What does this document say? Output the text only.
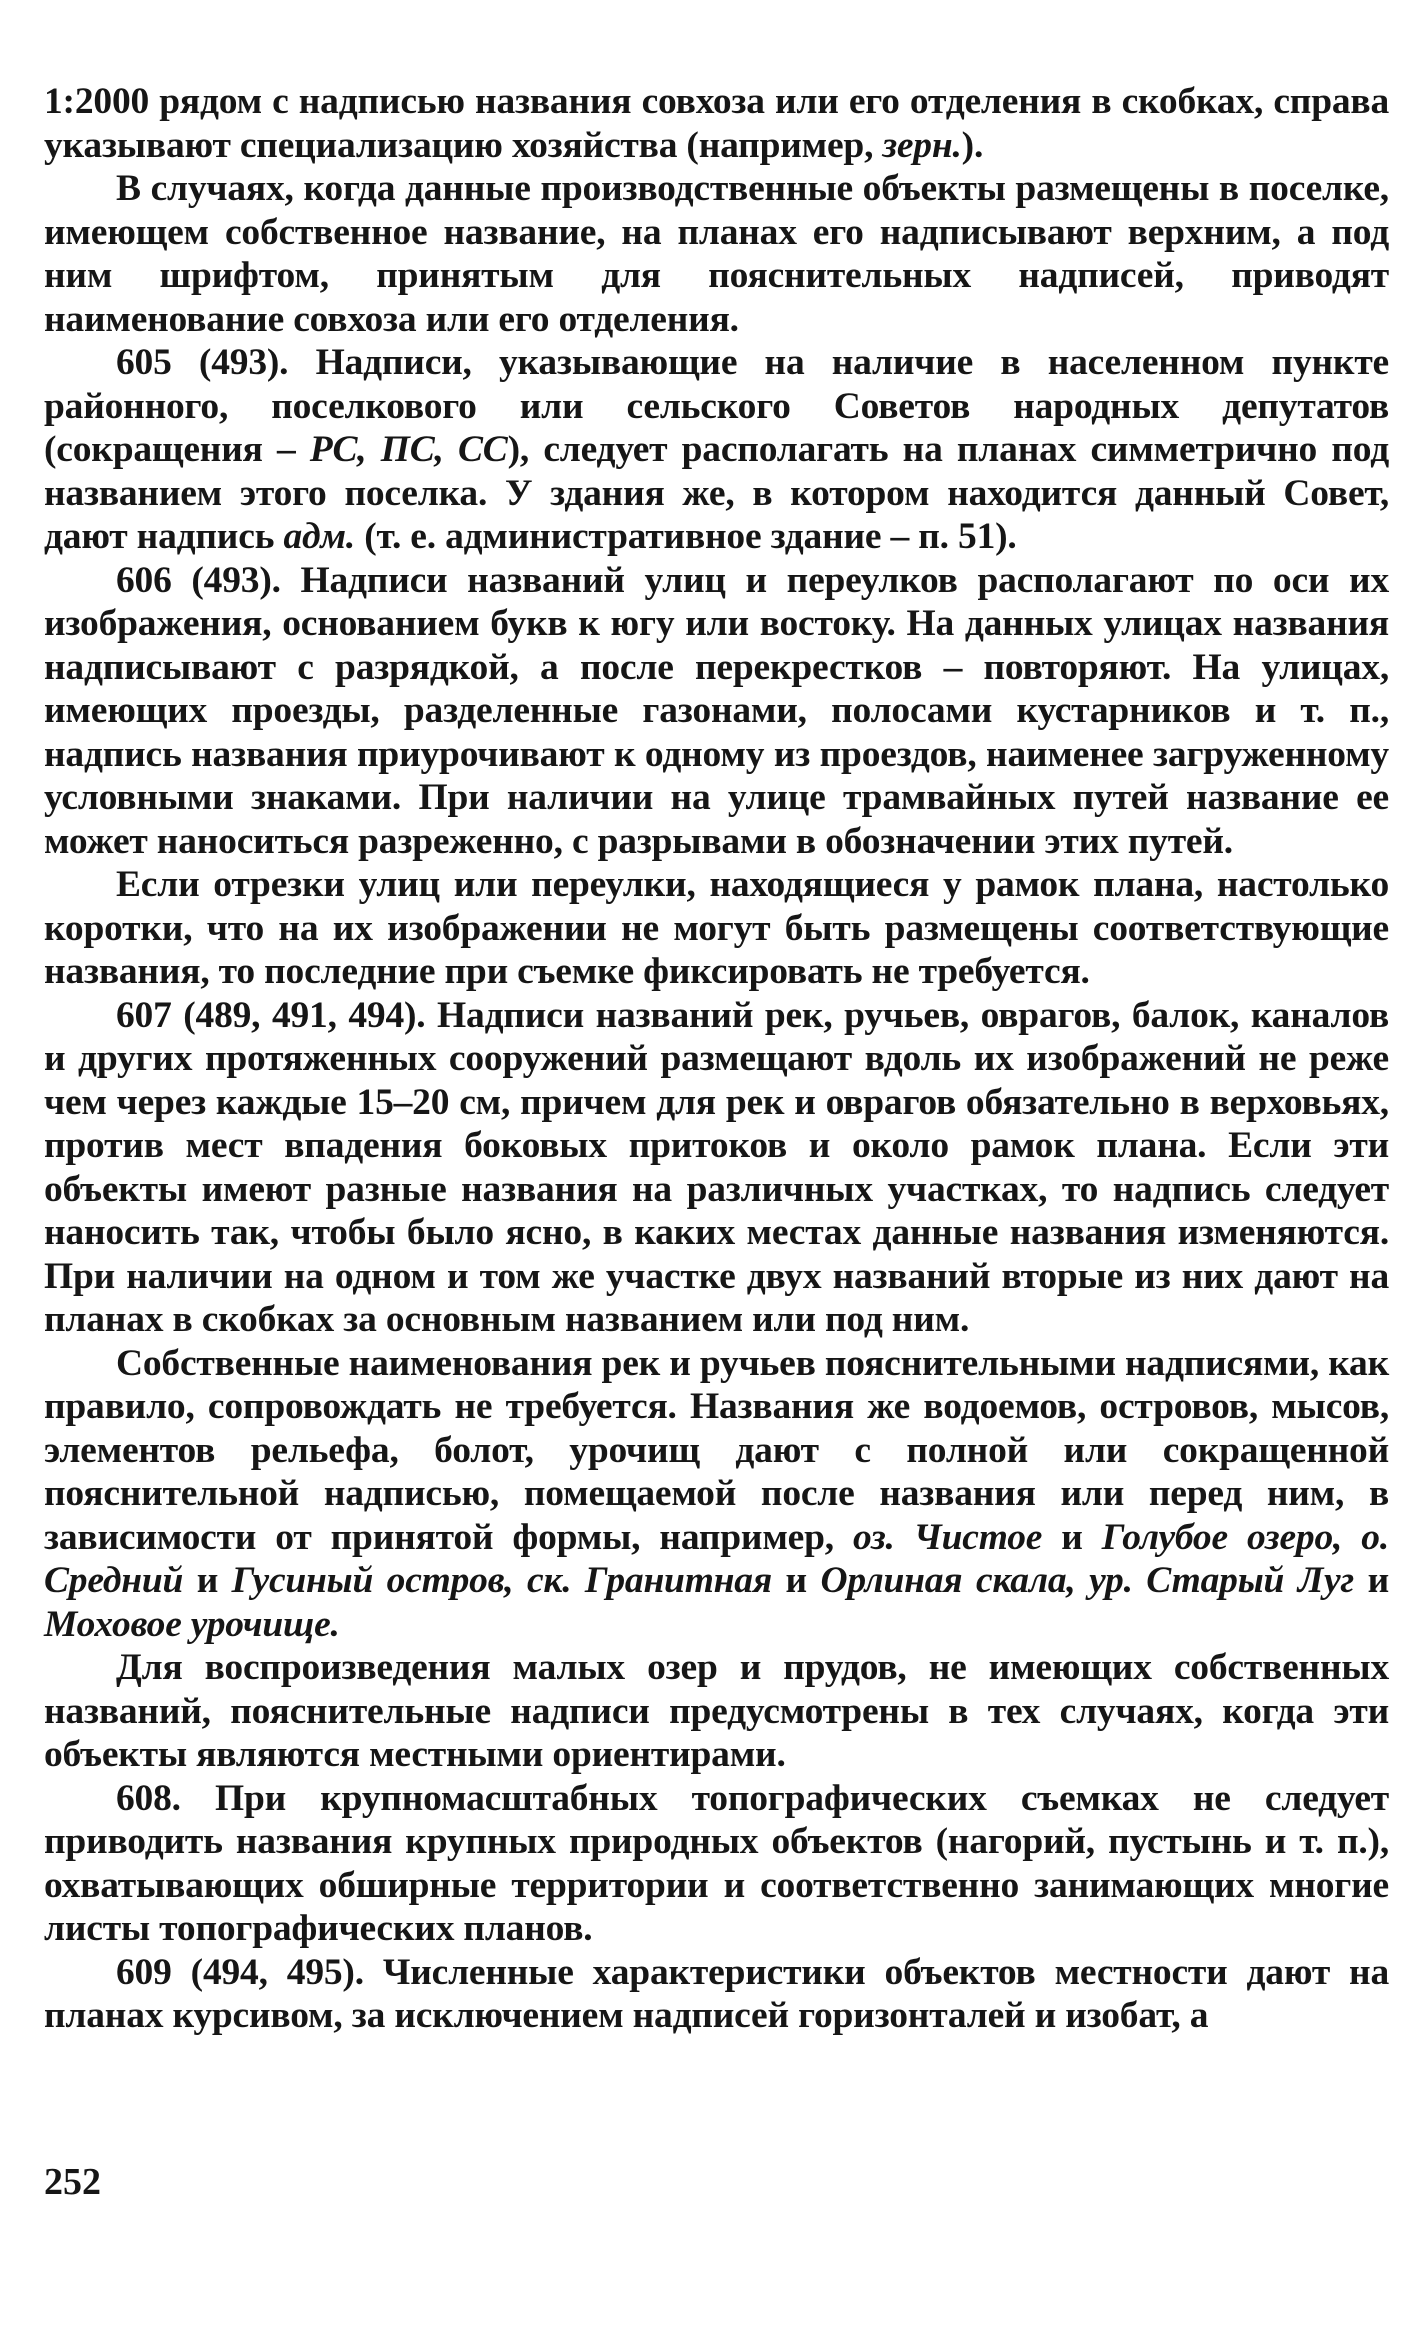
1:2000 рядом с надписью названия совхоза или его отделения в скобках, справа указывают специализацию хозяйства (например, зерн.).

В случаях, когда данные производственные объекты размещены в поселке, имеющем собственное название, на планах его надписывают верхним, а под ним шрифтом, принятым для пояснительных надписей, приводят наименование совхоза или его отделения.

605 (493). Надписи, указывающие на наличие в населенном пункте районного, поселкового или сельского Советов народных депутатов (сокращения – РС, ПС, СС), следует располагать на планах симметрично под названием этого поселка. У здания же, в котором находится данный Совет, дают надпись адм. (т. е. административное здание – п. 51).

606 (493). Надписи названий улиц и переулков располагают по оси их изображения, основанием букв к югу или востоку. На данных улицах названия надписывают с разрядкой, а после перекрестков – повторяют. На улицах, имеющих проезды, разделенные газонами, полосами кустарников и т. п., надпись названия приурочивают к одному из проездов, наименее загруженному условными знаками. При наличии на улице трамвайных путей название ее может наноситься разреженно, с разрывами в обозначении этих путей.

Если отрезки улиц или переулки, находящиеся у рамок плана, настолько коротки, что на их изображении не могут быть размещены соответствующие названия, то последние при съемке фиксировать не требуется.

607 (489, 491, 494). Надписи названий рек, ручьев, оврагов, балок, каналов и других протяженных сооружений размещают вдоль их изображений не реже чем через каждые 15–20 см, причем для рек и оврагов обязательно в верховьях, против мест впадения боковых притоков и около рамок плана. Если эти объекты имеют разные названия на различных участках, то надпись следует наносить так, чтобы было ясно, в каких местах данные названия изменяются. При наличии на одном и том же участке двух названий вторые из них дают на планах в скобках за основным названием или под ним.

Собственные наименования рек и ручьев пояснительными надписями, как правило, сопровождать не требуется. Названия же водоемов, островов, мысов, элементов рельефа, болот, урочищ дают с полной или сокращенной пояснительной надписью, помещаемой после названия или перед ним, в зависимости от принятой формы, например, оз. Чистое и Голубое озеро, о. Средний и Гусиный остров, ск. Гранитная и Орлиная скала, ур. Старый Луг и Моховое урочище.

Для воспроизведения малых озер и прудов, не имеющих собственных названий, пояснительные надписи предусмотрены в тех случаях, когда эти объекты являются местными ориентирами.

608. При крупномасштабных топографических съемках не следует приводить названия крупных природных объектов (нагорий, пустынь и т. п.), охватывающих обширные территории и соответственно занимающих многие листы топографических планов.

609 (494, 495). Численные характеристики объектов местности дают на планах курсивом, за исключением надписей горизонталей и изобат, а

252
